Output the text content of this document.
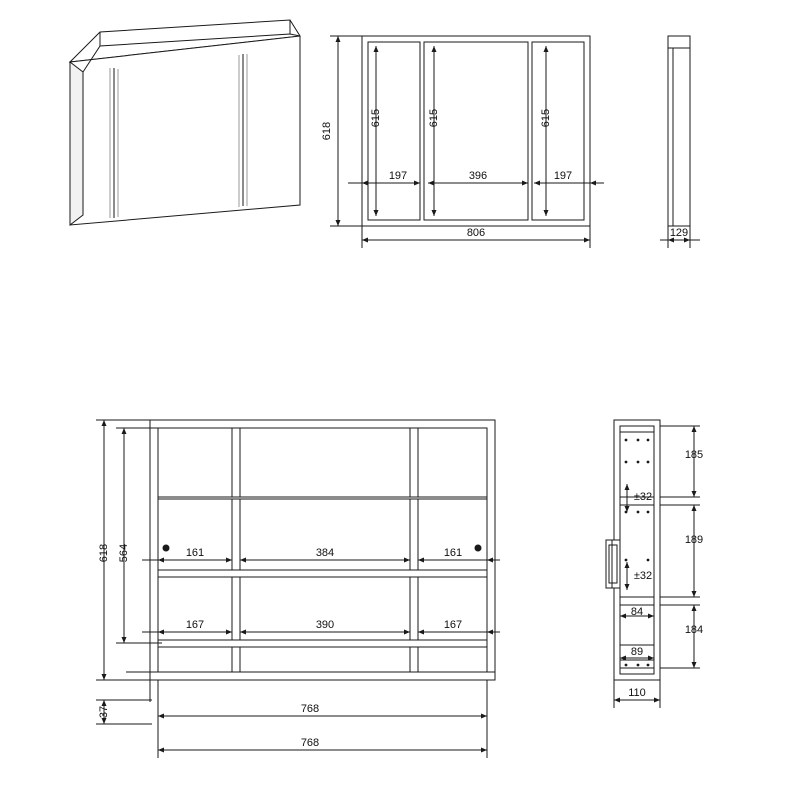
618
615	615	615
197	396	197
806	129
618 564
37
161	384	161
167	390	167
768
768
185
189
184
±32
±32
84
89
110
